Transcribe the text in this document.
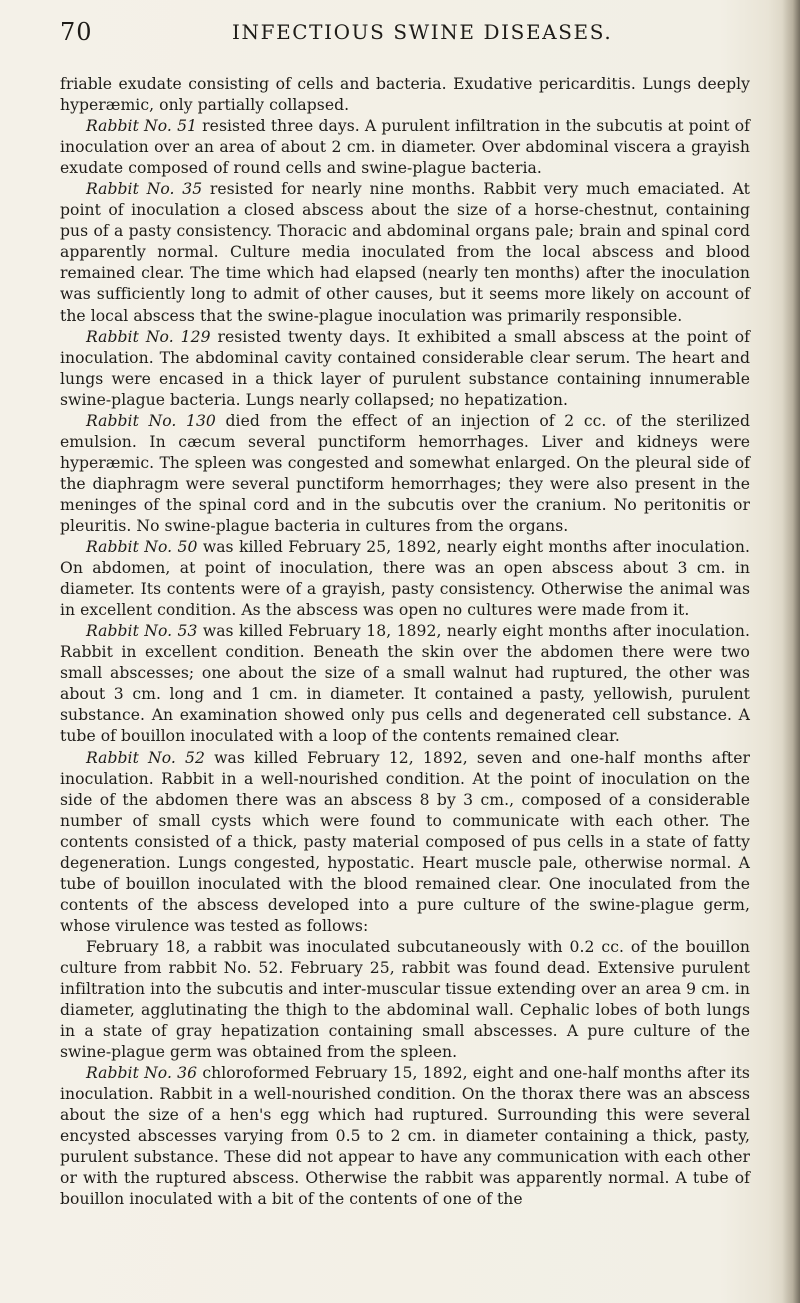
70	INFECTIOUS SWINE DISEASES.

friable exudate consisting of cells and bacteria. Exudative pericarditis. Lungs deeply hyperæmic, only partially collapsed.

Rabbit No. 51 resisted three days. A purulent infiltration in the subcutis at point of inoculation over an area of about 2 cm. in diameter. Over abdominal viscera a grayish exudate composed of round cells and swine-plague bacteria.

Rabbit No. 35 resisted for nearly nine months. Rabbit very much emaciated. At point of inoculation a closed abscess about the size of a horse-chestnut, containing pus of a pasty consistency. Thoracic and abdominal organs pale; brain and spinal cord apparently normal. Culture media inoculated from the local abscess and blood remained clear. The time which had elapsed (nearly ten months) after the inoculation was sufficiently long to admit of other causes, but it seems more likely on account of the local abscess that the swine-plague inoculation was primarily responsible.

Rabbit No. 129 resisted twenty days. It exhibited a small abscess at the point of inoculation. The abdominal cavity contained considerable clear serum. The heart and lungs were encased in a thick layer of purulent substance containing innumerable swine-plague bacteria. Lungs nearly collapsed; no hepatization.

Rabbit No. 130 died from the effect of an injection of 2 cc. of the sterilized emulsion. In cæcum several punctiform hemorrhages. Liver and kidneys were hyperæmic. The spleen was congested and somewhat enlarged. On the pleural side of the diaphragm were several punctiform hemorrhages; they were also present in the meninges of the spinal cord and in the subcutis over the cranium. No peritonitis or pleuritis. No swine-plague bacteria in cultures from the organs.

Rabbit No. 50 was killed February 25, 1892, nearly eight months after inoculation. On abdomen, at point of inoculation, there was an open abscess about 3 cm. in diameter. Its contents were of a grayish, pasty consistency. Otherwise the animal was in excellent condition. As the abscess was open no cultures were made from it.

Rabbit No. 53 was killed February 18, 1892, nearly eight months after inoculation. Rabbit in excellent condition. Beneath the skin over the abdomen there were two small abscesses; one about the size of a small walnut had ruptured, the other was about 3 cm. long and 1 cm. in diameter. It contained a pasty, yellowish, purulent substance. An examination showed only pus cells and degenerated cell substance. A tube of bouillon inoculated with a loop of the contents remained clear.

Rabbit No. 52 was killed February 12, 1892, seven and one-half months after inoculation. Rabbit in a well-nourished condition. At the point of inoculation on the side of the abdomen there was an abscess 8 by 3 cm., composed of a considerable number of small cysts which were found to communicate with each other. The contents consisted of a thick, pasty material composed of pus cells in a state of fatty degeneration. Lungs congested, hypostatic. Heart muscle pale, otherwise normal. A tube of bouillon inoculated with the blood remained clear. One inoculated from the contents of the abscess developed into a pure culture of the swine-plague germ, whose virulence was tested as follows:

February 18, a rabbit was inoculated subcutaneously with 0.2 cc. of the bouillon culture from rabbit No. 52. February 25, rabbit was found dead. Extensive purulent infiltration into the subcutis and inter-muscular tissue extending over an area 9 cm. in diameter, agglutinating the thigh to the abdominal wall. Cephalic lobes of both lungs in a state of gray hepatization containing small abscesses. A pure culture of the swine-plague germ was obtained from the spleen.

Rabbit No. 36 chloroformed February 15, 1892, eight and one-half months after its inoculation. Rabbit in a well-nourished condition. On the thorax there was an abscess about the size of a hen's egg which had ruptured. Surrounding this were several encysted abscesses varying from 0.5 to 2 cm. in diameter containing a thick, pasty, purulent substance. These did not appear to have any communication with each other or with the ruptured abscess. Otherwise the rabbit was apparently normal. A tube of bouillon inoculated with a bit of the contents of one of the
